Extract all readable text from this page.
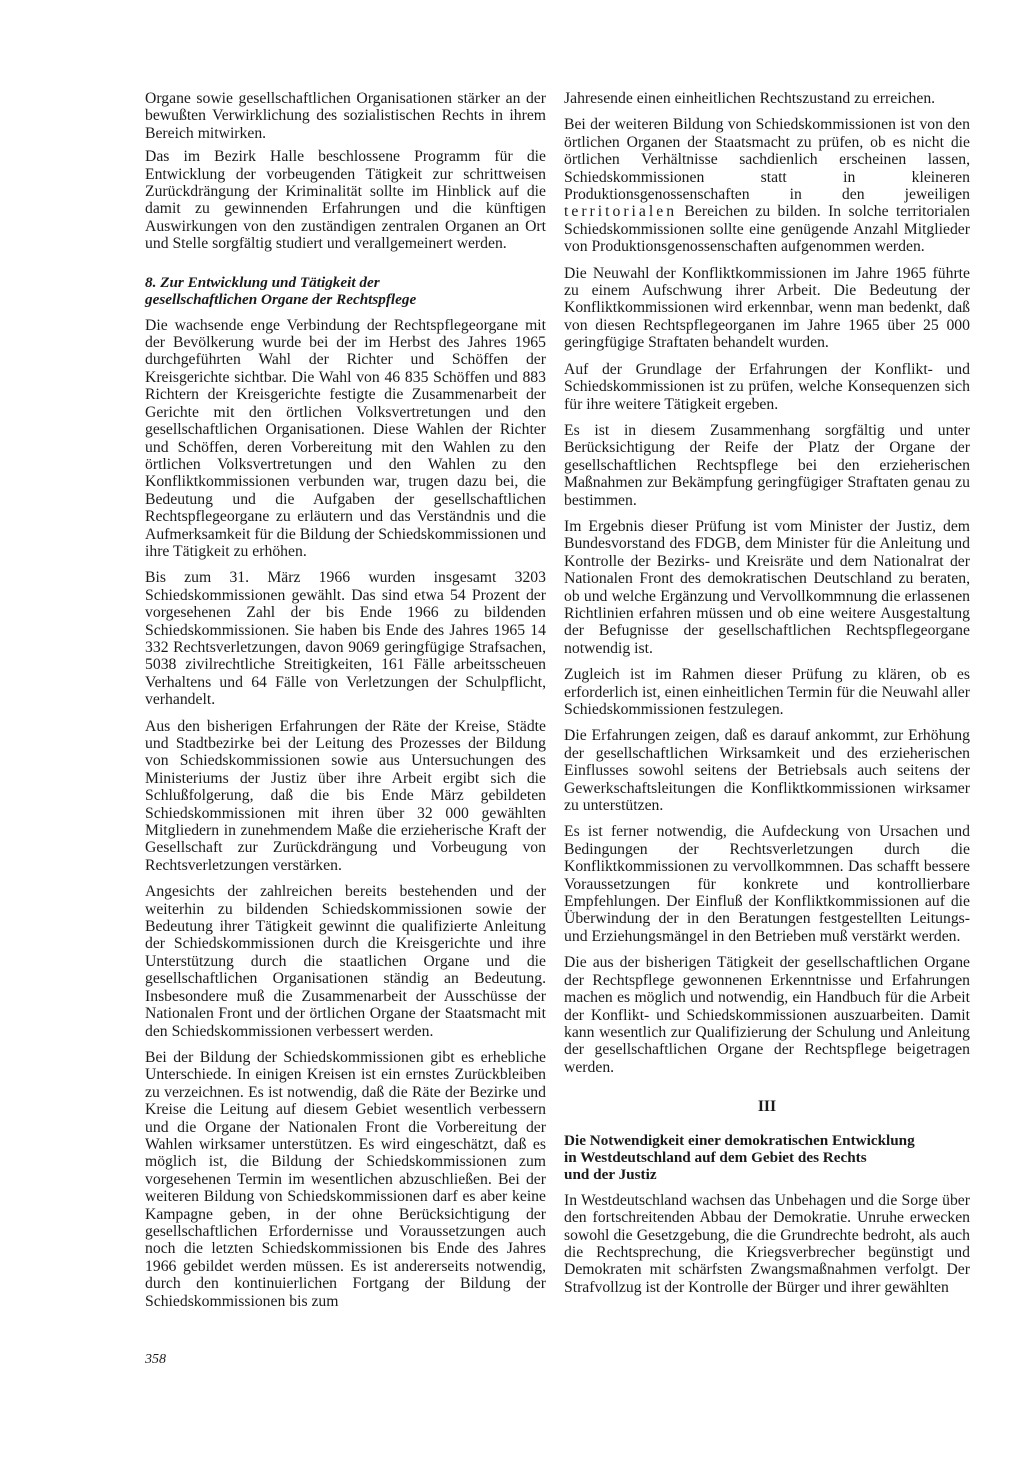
Organe sowie gesellschaftlichen Organisationen stärker an der bewußten Verwirklichung des sozialistischen Rechts in ihrem Bereich mitwirken.

Das im Bezirk Halle beschlossene Programm für die Entwicklung der vorbeugenden Tätigkeit zur schrittweisen Zurückdrängung der Kriminalität sollte im Hinblick auf die damit zu gewinnenden Erfahrungen und die künftigen Auswirkungen von den zuständigen zentralen Organen an Ort und Stelle sorgfältig studiert und verallgemeinert werden.

8. Zur Entwicklung und Tätigkeit der
gesellschaftlichen Organe der Rechtspflege

Die wachsende enge Verbindung der Rechtspflegeorgane mit der Bevölkerung wurde bei der im Herbst des Jahres 1965 durchgeführten Wahl der Richter und Schöffen der Kreisgerichte sichtbar. Die Wahl von 46 835 Schöffen und 883 Richtern der Kreisgerichte festigte die Zusammenarbeit der Gerichte mit den örtlichen Volksvertretungen und den gesellschaftlichen Organisationen. Diese Wahlen der Richter und Schöffen, deren Vorbereitung mit den Wahlen zu den örtlichen Volksvertretungen und den Wahlen zu den Konfliktkommissionen verbunden war, trugen dazu bei, die Bedeutung und die Aufgaben der gesellschaftlichen Rechtspflegeorgane zu erläutern und das Verständnis und die Aufmerksamkeit für die Bildung der Schiedskommissionen und ihre Tätigkeit zu erhöhen.

Bis zum 31. März 1966 wurden insgesamt 3203 Schiedskommissionen gewählt. Das sind etwa 54 Prozent der vorgesehenen Zahl der bis Ende 1966 zu bildenden Schiedskommissionen. Sie haben bis Ende des Jahres 1965 14 332 Rechtsverletzungen, davon 9069 geringfügige Strafsachen, 5038 zivilrechtliche Streitigkeiten, 161 Fälle arbeitsscheuen Verhaltens und 64 Fälle von Verletzungen der Schulpflicht, verhandelt.

Aus den bisherigen Erfahrungen der Räte der Kreise, Städte und Stadtbezirke bei der Leitung des Prozesses der Bildung von Schiedskommissionen sowie aus Untersuchungen des Ministeriums der Justiz über ihre Arbeit ergibt sich die Schlußfolgerung, daß die bis Ende März gebildeten Schiedskommissionen mit ihren über 32 000 gewählten Mitgliedern in zunehmendem Maße die erzieherische Kraft der Gesellschaft zur Zurückdrängung und Vorbeugung von Rechtsverletzungen verstärken.

Angesichts der zahlreichen bereits bestehenden und der weiterhin zu bildenden Schiedskommissionen sowie der Bedeutung ihrer Tätigkeit gewinnt die qualifizierte Anleitung der Schiedskommissionen durch die Kreisgerichte und ihre Unterstützung durch die staatlichen Organe und die gesellschaftlichen Organisationen ständig an Bedeutung. Insbesondere muß die Zusammenarbeit der Ausschüsse der Nationalen Front und der örtlichen Organe der Staatsmacht mit den Schiedskommissionen verbessert werden.

Bei der Bildung der Schiedskommissionen gibt es erhebliche Unterschiede. In einigen Kreisen ist ein ernstes Zurückbleiben zu verzeichnen. Es ist notwendig, daß die Räte der Bezirke und Kreise die Leitung auf diesem Gebiet wesentlich verbessern und die Organe der Nationalen Front die Vorbereitung der Wahlen wirksamer unterstützen. Es wird eingeschätzt, daß es möglich ist, die Bildung der Schiedskommissionen zum vorgesehenen Termin im wesentlichen abzuschließen. Bei der weiteren Bildung von Schiedskommissionen darf es aber keine Kampagne geben, in der ohne Berücksichtigung der gesellschaftlichen Erfordernisse und Voraussetzungen auch noch die letzten Schiedskommissionen bis Ende des Jahres 1966 gebildet werden müssen. Es ist andererseits notwendig, durch den kontinuierlichen Fortgang der Bildung der Schiedskommissionen bis zum

Jahresende einen einheitlichen Rechtszustand zu erreichen.

Bei der weiteren Bildung von Schiedskommissionen ist von den örtlichen Organen der Staatsmacht zu prüfen, ob es nicht die örtlichen Verhältnisse sachdienlich erscheinen lassen, Schiedskommissionen statt in kleineren Produktionsgenossenschaften in den jeweiligen territorialen Bereichen zu bilden. In solche territorialen Schiedskommissionen sollte eine genügende Anzahl Mitglieder von Produktionsgenossenschaften aufgenommen werden.

Die Neuwahl der Konfliktkommissionen im Jahre 1965 führte zu einem Aufschwung ihrer Arbeit. Die Bedeutung der Konfliktkommissionen wird erkennbar, wenn man bedenkt, daß von diesen Rechtspflegeorganen im Jahre 1965 über 25 000 geringfügige Straftaten behandelt wurden.

Auf der Grundlage der Erfahrungen der Konflikt- und Schiedskommissionen ist zu prüfen, welche Konsequenzen sich für ihre weitere Tätigkeit ergeben.

Es ist in diesem Zusammenhang sorgfältig und unter Berücksichtigung der Reife der Platz der Organe der gesellschaftlichen Rechtspflege bei den erzieherischen Maßnahmen zur Bekämpfung geringfügiger Straftaten genau zu bestimmen.

Im Ergebnis dieser Prüfung ist vom Minister der Justiz, dem Bundesvorstand des FDGB, dem Minister für die Anleitung und Kontrolle der Bezirks- und Kreisräte und dem Nationalrat der Nationalen Front des demokratischen Deutschland zu beraten, ob und welche Ergänzung und Vervollkommnung die erlassenen Richtlinien erfahren müssen und ob eine weitere Ausgestaltung der Befugnisse der gesellschaftlichen Rechtspflegeorgane notwendig ist.

Zugleich ist im Rahmen dieser Prüfung zu klären, ob es erforderlich ist, einen einheitlichen Termin für die Neuwahl aller Schiedskommissionen festzulegen.

Die Erfahrungen zeigen, daß es darauf ankommt, zur Erhöhung der gesellschaftlichen Wirksamkeit und des erzieherischen Einflusses sowohl seitens der Betriebsals auch seitens der Gewerkschaftsleitungen die Konfliktkommissionen wirksamer zu unterstützen.

Es ist ferner notwendig, die Aufdeckung von Ursachen und Bedingungen der Rechtsverletzungen durch die Konfliktkommissionen zu vervollkommnen. Das schafft bessere Voraussetzungen für konkrete und kontrollierbare Empfehlungen. Der Einfluß der Konfliktkommissionen auf die Überwindung der in den Beratungen festgestellten Leitungs- und Erziehungsmängel in den Betrieben muß verstärkt werden.

Die aus der bisherigen Tätigkeit der gesellschaftlichen Organe der Rechtspflege gewonnenen Erkenntnisse und Erfahrungen machen es möglich und notwendig, ein Handbuch für die Arbeit der Konflikt- und Schiedskommissionen auszuarbeiten. Damit kann wesentlich zur Qualifizierung der Schulung und Anleitung der gesellschaftlichen Organe der Rechtspflege beigetragen werden.

III
Die Notwendigkeit einer demokratischen Entwicklung
in Westdeutschland auf dem Gebiet des Rechts
und der Justiz

In Westdeutschland wachsen das Unbehagen und die Sorge über den fortschreitenden Abbau der Demokratie. Unruhe erwecken sowohl die Gesetzgebung, die die Grundrechte bedroht, als auch die Rechtsprechung, die Kriegsverbrecher begünstigt und Demokraten mit schärfsten Zwangsmaßnahmen verfolgt. Der Strafvollzug ist der Kontrolle der Bürger und ihrer gewählten

358
